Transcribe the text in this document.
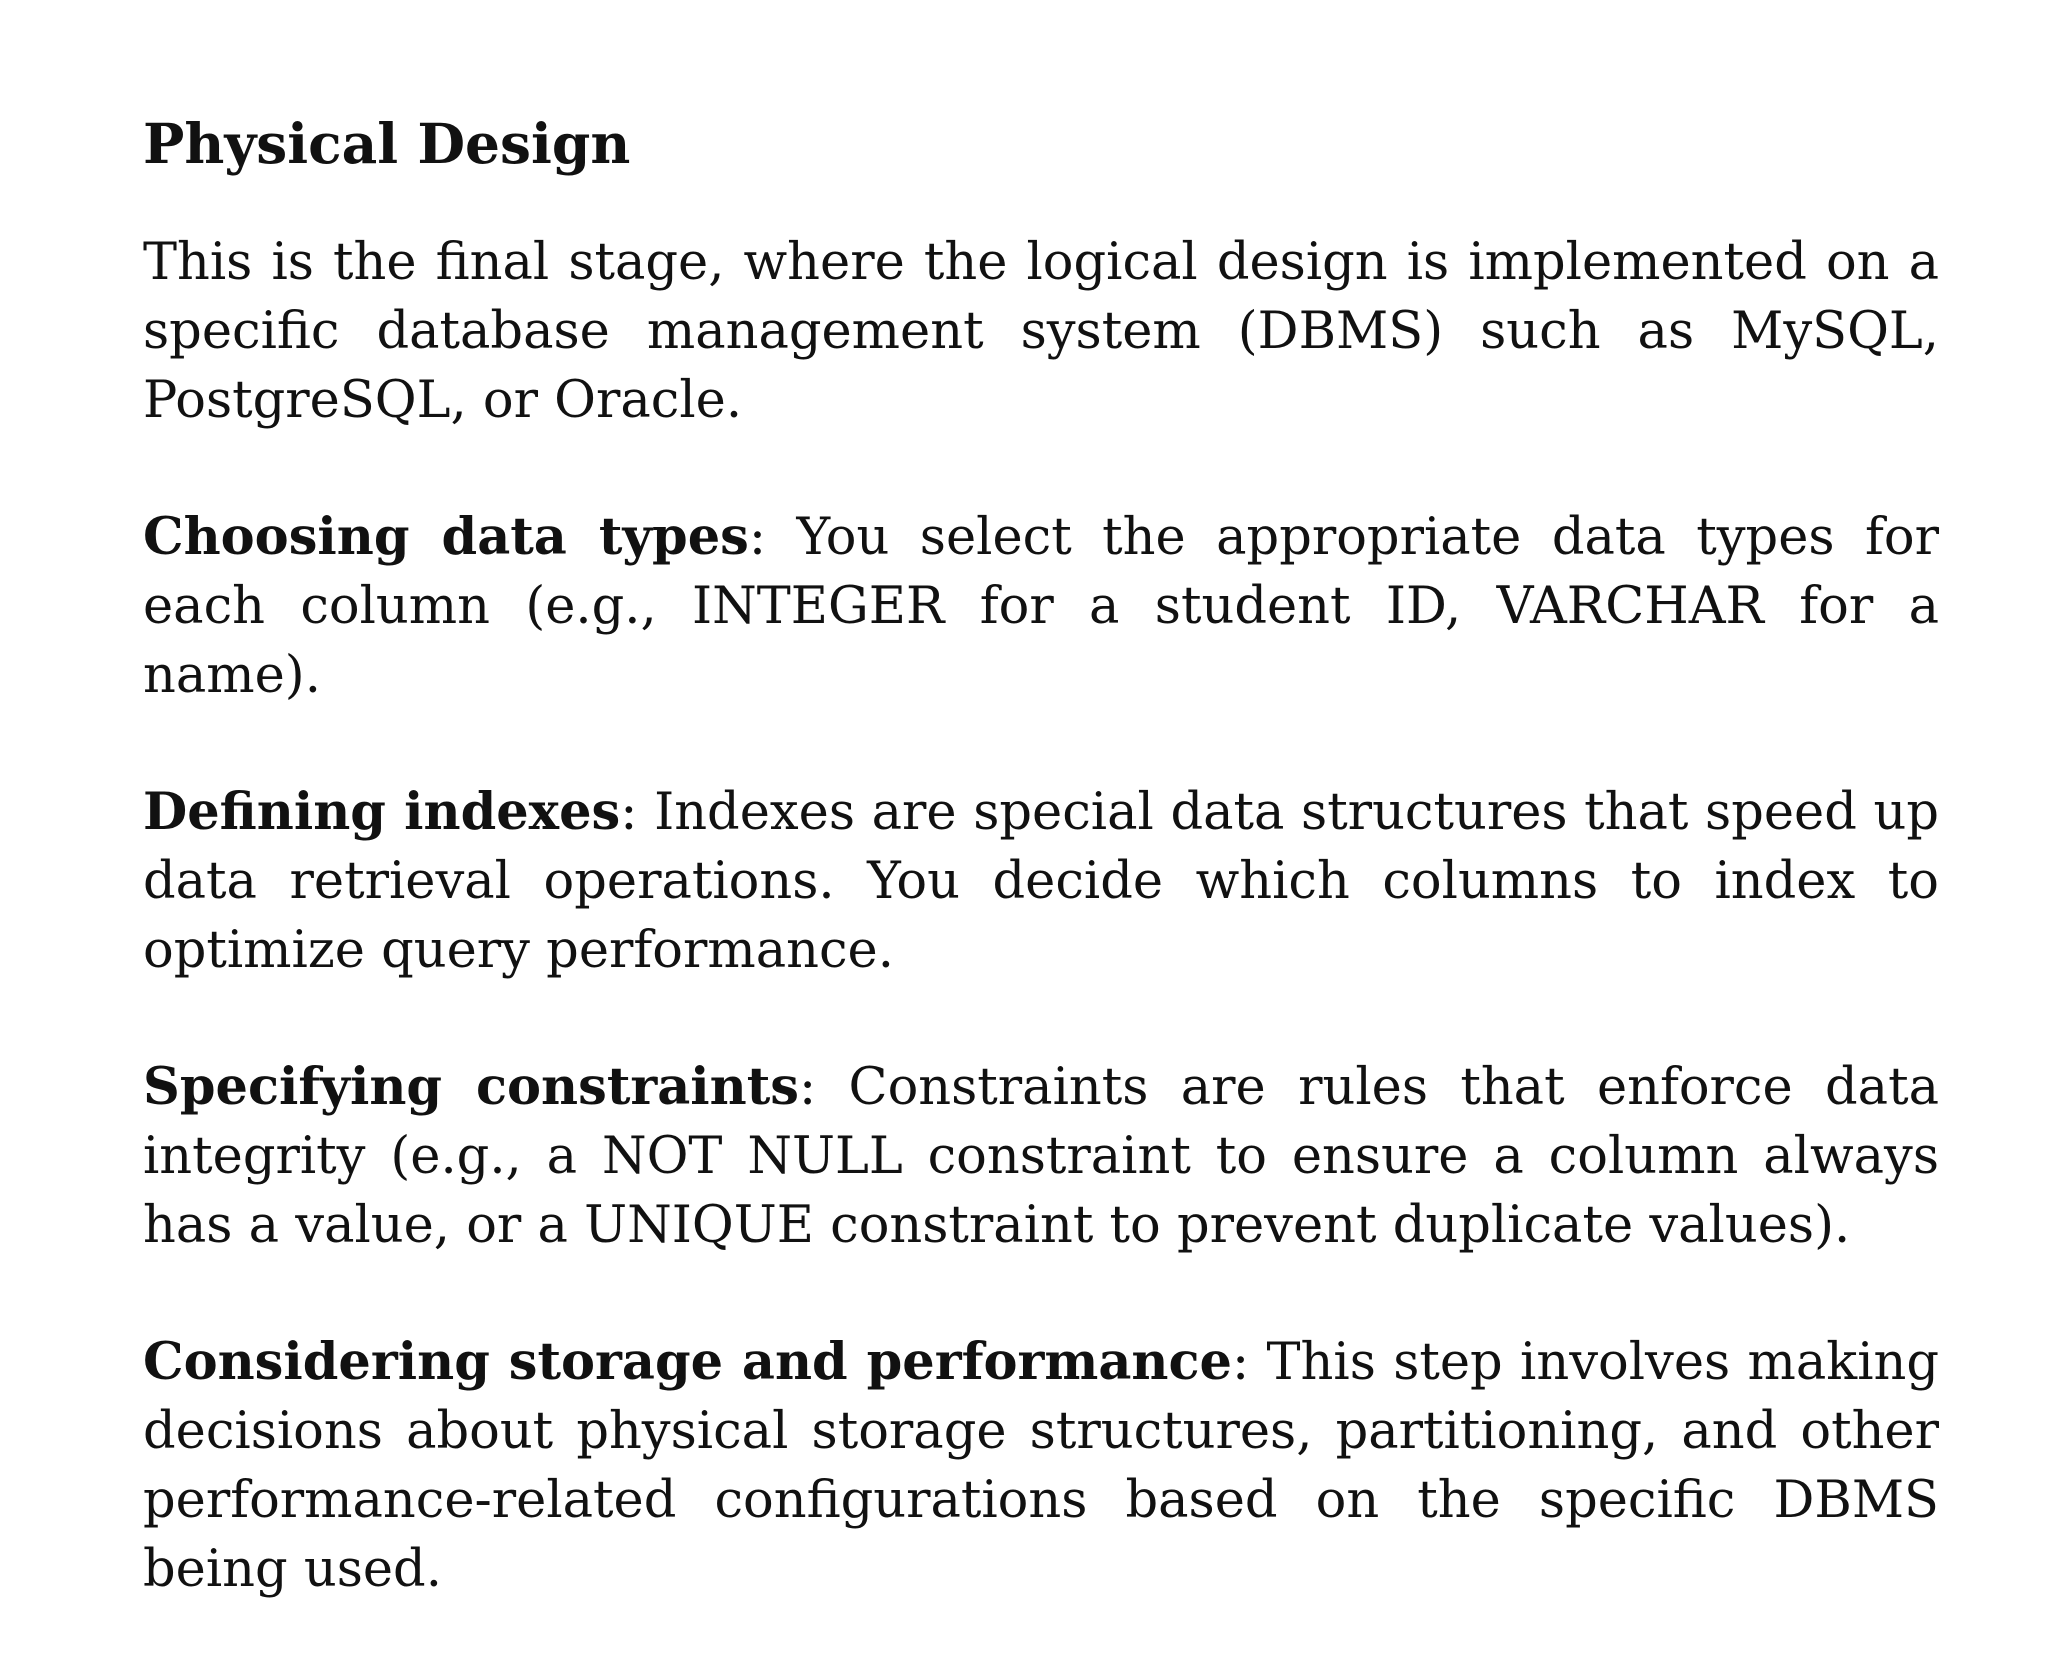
Physical Design

This is the final stage, where the logical design is implemented on a specific database management system (DBMS) such as MySQL, PostgreSQL, or Oracle.

Choosing data types: You select the appropriate data types for each column (e.g., INTEGER for a student ID, VARCHAR for a name).

Defining indexes: Indexes are special data structures that speed up data retrieval operations. You decide which columns to index to optimize query performance.

Specifying constraints: Constraints are rules that enforce data integrity (e.g., a NOT NULL constraint to ensure a column always has a value, or a UNIQUE constraint to prevent duplicate values).

Considering storage and performance: This step involves making decisions about physical storage structures, partitioning, and other performance-related configurations based on the specific DBMS being used.
